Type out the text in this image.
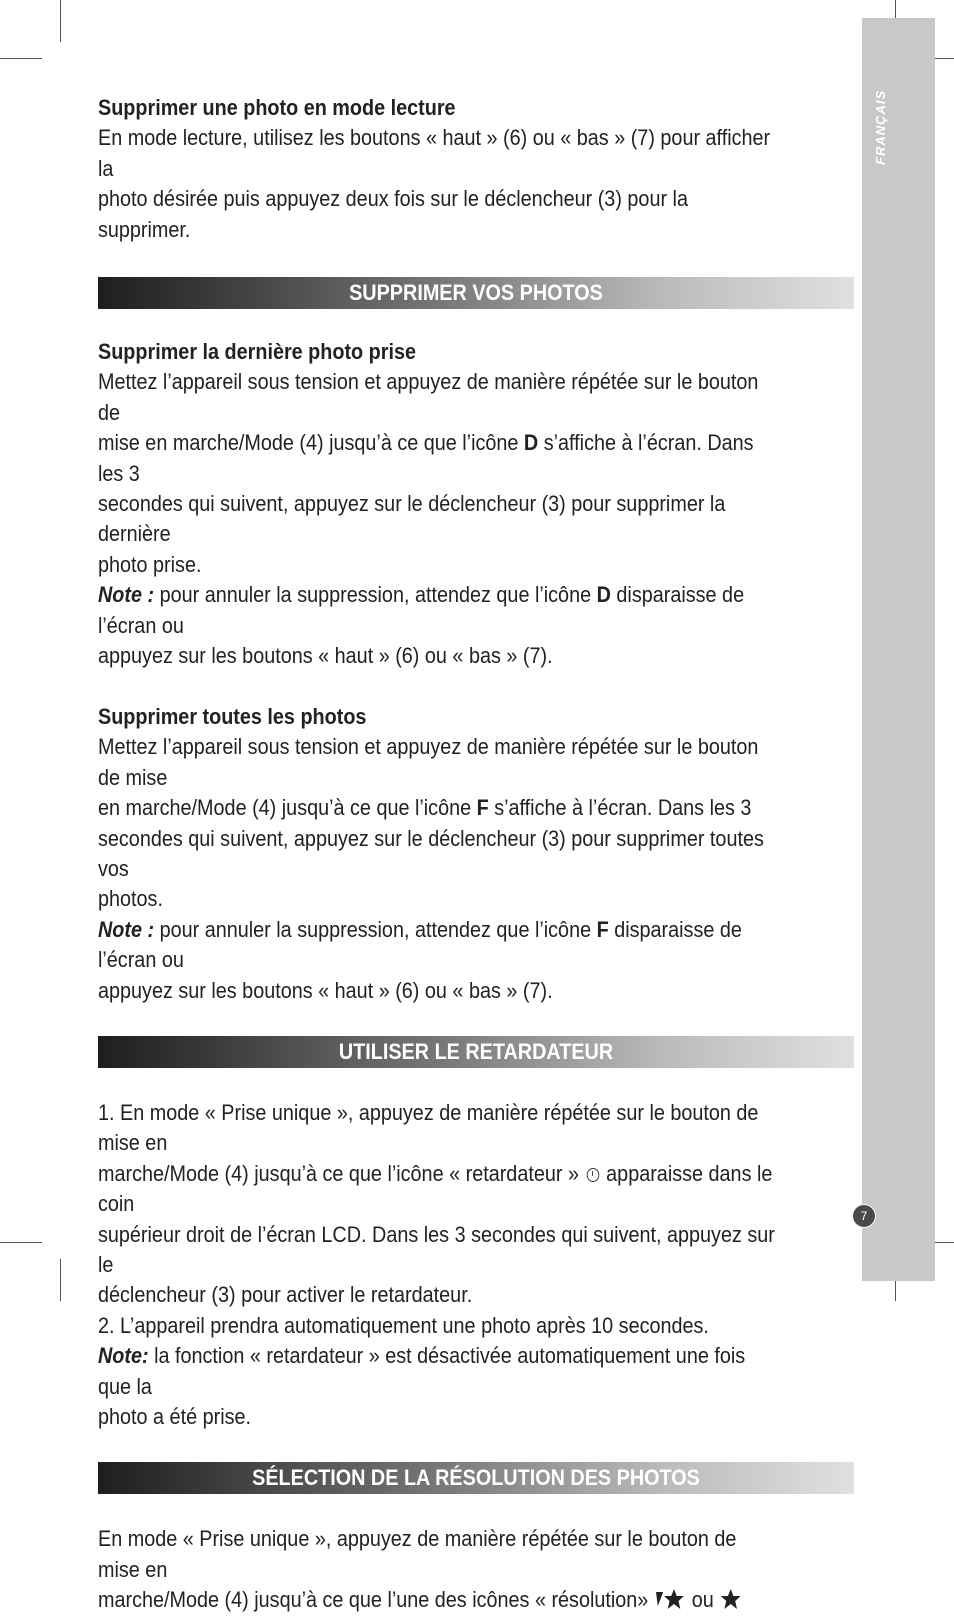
FRANÇAIS

Supprimer une photo en mode lecture

En mode lecture, utilisez les boutons « haut » (6) ou « bas » (7) pour afficher la

photo désirée puis appuyez deux fois sur le déclencheur (3) pour la supprimer.

SUPPRIMER VOS PHOTOS

Supprimer la dernière photo prise

Mettez l’appareil sous tension et appuyez de manière répétée sur le bouton de

mise en marche/Mode (4) jusqu’à ce que l’icône D s’affiche à l’écran. Dans les 3

secondes qui suivent, appuyez sur le déclencheur (3) pour supprimer la dernière

photo prise.

Note : pour annuler la suppression, attendez que l’icône D disparaisse de l’écran ou

appuyez sur les boutons « haut » (6) ou « bas » (7).

Supprimer toutes les photos

Mettez l’appareil sous tension et appuyez de manière répétée sur le bouton de mise

en marche/Mode (4) jusqu’à ce que l’icône F s’affiche à l’écran. Dans les 3

secondes qui suivent, appuyez sur le déclencheur (3) pour supprimer toutes vos

photos.

Note : pour annuler la suppression, attendez que l’icône F disparaisse de l’écran ou

appuyez sur les boutons « haut » (6) ou « bas » (7).

UTILISER LE RETARDATEUR

1. En mode « Prise unique », appuyez de manière répétée sur le bouton de mise en

marche/Mode (4) jusqu’à ce que l’icône « retardateur »  apparaisse dans le coin

supérieur droit de l’écran LCD. Dans les 3 secondes qui suivent, appuyez sur le

déclencheur (3) pour activer le retardateur.

2. L’appareil prendra automatiquement une photo après 10 secondes.

Note: la fonction « retardateur » est désactivée automatiquement une fois que la

photo a été prise.

SÉLECTION DE LA RÉSOLUTION DES PHOTOS

En mode « Prise unique », appuyez de manière répétée sur le bouton de mise en

marche/Mode (4) jusqu’à ce que l’une des icônes « résolution»  ou

7
